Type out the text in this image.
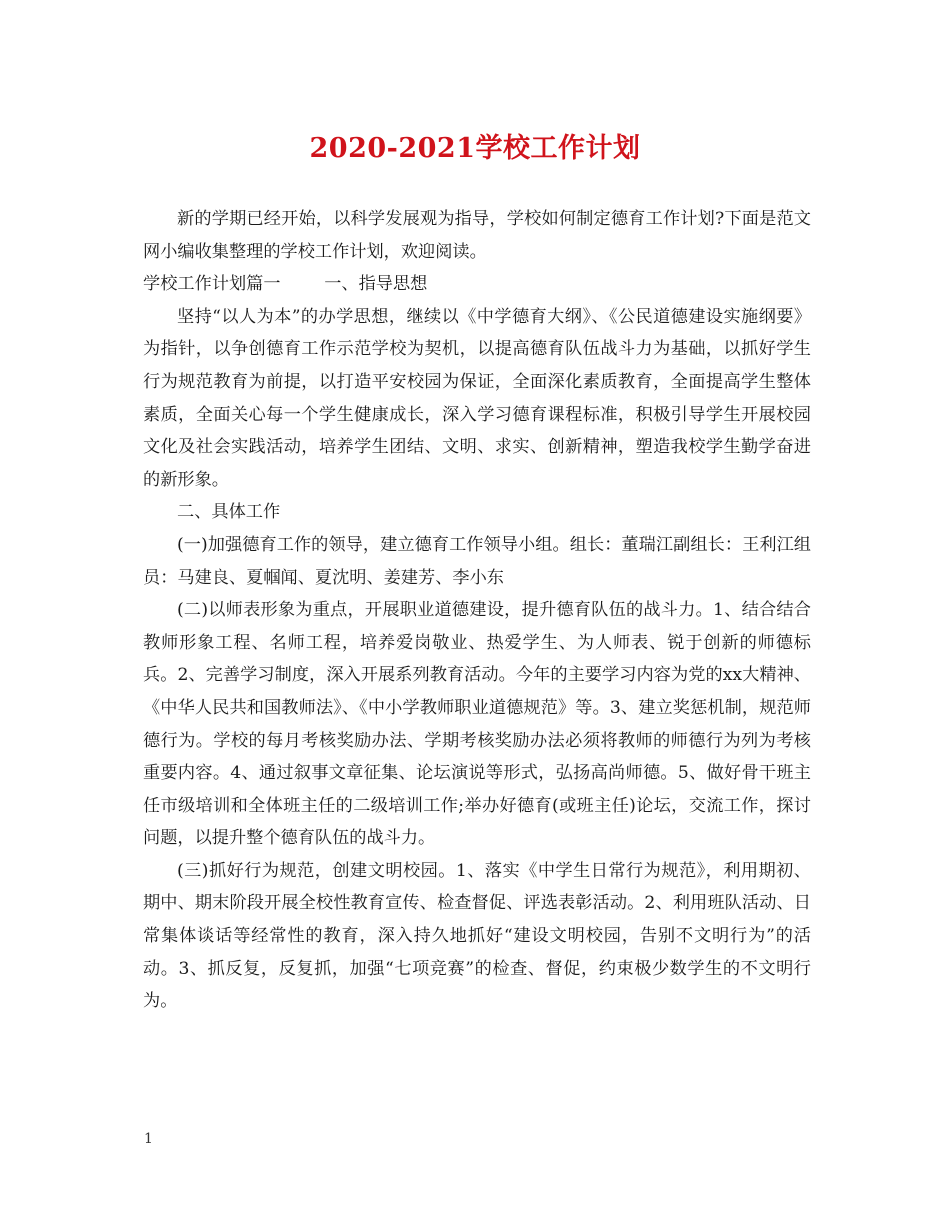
2020-2021学校工作计划

新的学期已经开始，以科学发展观为指导，学校如何制定德育工作计划?下面是范文网小编收集整理的学校工作计划，欢迎阅读。

学校工作计划篇一        一、指导思想

坚持“以人为本”的办学思想，继续以《中学德育大纲》、《公民道德建设实施纲要》为指针，以争创德育工作示范学校为契机，以提高德育队伍战斗力为基础，以抓好学生行为规范教育为前提，以打造平安校园为保证，全面深化素质教育，全面提高学生整体素质，全面关心每一个学生健康成长，深入学习德育课程标准，积极引导学生开展校园文化及社会实践活动，培养学生团结、文明、求实、创新精神，塑造我校学生勤学奋进的新形象。

二、具体工作

(一)加强德育工作的领导，建立德育工作领导小组。组长：董瑞江副组长：王利江组员：马建良、夏帼闻、夏沈明、姜建芳、李小东

(二)以师表形象为重点，开展职业道德建设，提升德育队伍的战斗力。1、结合结合教师形象工程、名师工程，培养爱岗敬业、热爱学生、为人师表、锐于创新的师德标兵。2、完善学习制度，深入开展系列教育活动。今年的主要学习内容为党的xx大精神、《中华人民共和国教师法》、《中小学教师职业道德规范》等。3、建立奖惩机制，规范师德行为。学校的每月考核奖励办法、学期考核奖励办法必须将教师的师德行为列为考核重要内容。4、通过叙事文章征集、论坛演说等形式，弘扬高尚师德。5、做好骨干班主任市级培训和全体班主任的二级培训工作;举办好德育(或班主任)论坛，交流工作，探讨问题，以提升整个德育队伍的战斗力。

(三)抓好行为规范，创建文明校园。1、落实《中学生日常行为规范》，利用期初、期中、期末阶段开展全校性教育宣传、检查督促、评选表彰活动。2、利用班队活动、日常集体谈话等经常性的教育，深入持久地抓好“建设文明校园，告别不文明行为”的活动。3、抓反复，反复抓，加强“七项竞赛”的检查、督促，约束极少数学生的不文明行为。

1
